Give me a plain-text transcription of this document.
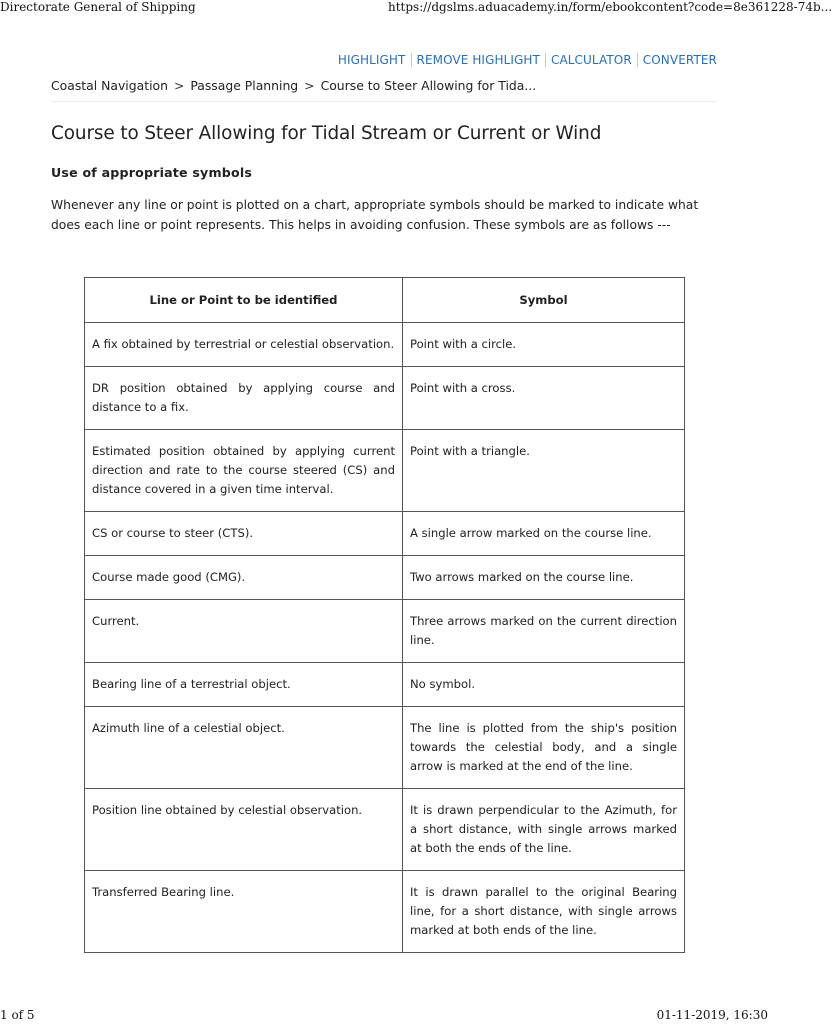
Directorate General of Shipping	https://dgslms.aduacademy.in/form/ebookcontent?code=8e361228-74b...
HIGHLIGHT REMOVE HIGHLIGHT CALCULATOR CONVERTER
Coastal Navigation > Passage Planning > Course to Steer Allowing for Tida...
Course to Steer Allowing for Tidal Stream or Current or Wind
Use of appropriate symbols

Whenever any line or point is plotted on a chart, appropriate symbols should be marked to indicate what does each line or point represents. This helps in avoiding confusion. These symbols are as follows ---

Line or Point to be identified	Symbol
A fix obtained by terrestrial or celestial observation.	Point with a circle.
DR position obtained by applying course and distance to a fix.	Point with a cross.
Estimated position obtained by applying current direction and rate to the course steered (CS) and distance covered in a given time interval.	Point with a triangle.
CS or course to steer (CTS).	A single arrow marked on the course line.
Course made good (CMG).	Two arrows marked on the course line.
Current.	Three arrows marked on the current direction line.
Bearing line of a terrestrial object.	No symbol.
Azimuth line of a celestial object.	The line is plotted from the ship's position towards the celestial body, and a single arrow is marked at the end of the line.
Position line obtained by celestial observation.	It is drawn perpendicular to the Azimuth, for a short distance, with single arrows marked at both the ends of the line.
Transferred Bearing line.	It is drawn parallel to the original Bearing line, for a short distance, with single arrows marked at both ends of the line.
1 of 5	01-11-2019, 16:30
